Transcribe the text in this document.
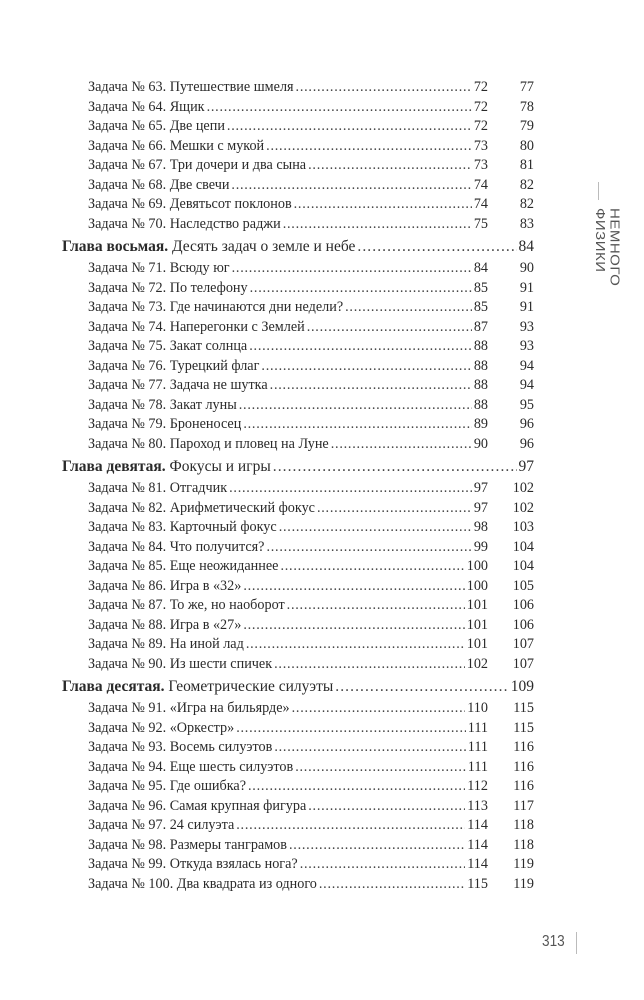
Задача № 63. Путешествие шмеля . . .	72	77
Задача № 64. Ящик . . .	72	78
Задача № 65. Две цепи . . .	72	79
Задача № 66. Мешки с мукой . . .	73	80
Задача № 67. Три дочери и два сына . . .	73	81
Задача № 68. Две свечи . . .	74	82
Задача № 69. Девятьсот поклонов . . .	74	82
Задача № 70. Наследство раджи . . .	75	83
Глава восьмая. Десять задач о земле и небе . . .	84
Задача № 71. Всюду юг . . .	84	90
Задача № 72. По телефону . . .	85	91
Задача № 73. Где начинаются дни недели? . . .	85	91
Задача № 74. Наперегонки с Землей . . .	87	93
Задача № 75. Закат солнца . . .	88	93
Задача № 76. Турецкий флаг . . .	88	94
Задача № 77. Задача не шутка . . .	88	94
Задача № 78. Закат луны . . .	88	95
Задача № 79. Броненосец . . .	89	96
Задача № 80. Пароход и пловец на Луне . . .	90	96
Глава девятая. Фокусы и игры . . .	97
Задача № 81. Отгадчик . . .	97	102
Задача № 82. Арифметический фокус . . .	97	102
Задача № 83. Карточный фокус . . .	98	103
Задача № 84. Что получится? . . .	99	104
Задача № 85. Еще неожиданнее . . .	100	104
Задача № 86. Игра в «32» . . .	100	105
Задача № 87. То же, но наоборот . . .	101	106
Задача № 88. Игра в «27» . . .	101	106
Задача № 89. На иной лад . . .	101	107
Задача № 90. Из шести спичек . . .	102	107
Глава десятая. Геометрические силуэты . . .	109
Задача № 91. «Игра на бильярде» . . .	110	115
Задача № 92. «Оркестр» . . .	111	115
Задача № 93. Восемь силуэтов . . .	111	116
Задача № 94. Еще шесть силуэтов . . .	111	116
Задача № 95. Где ошибка? . . .	112	116
Задача № 96. Самая крупная фигура . . .	113	117
Задача № 97. 24 силуэта . . .	114	118
Задача № 98. Размеры танграмов . . .	114	118
Задача № 99. Откуда взялась нога? . . .	114	119
Задача № 100. Два квадрата из одного . . .	115	119
НЕМНОГО ФИЗИКИ
313
